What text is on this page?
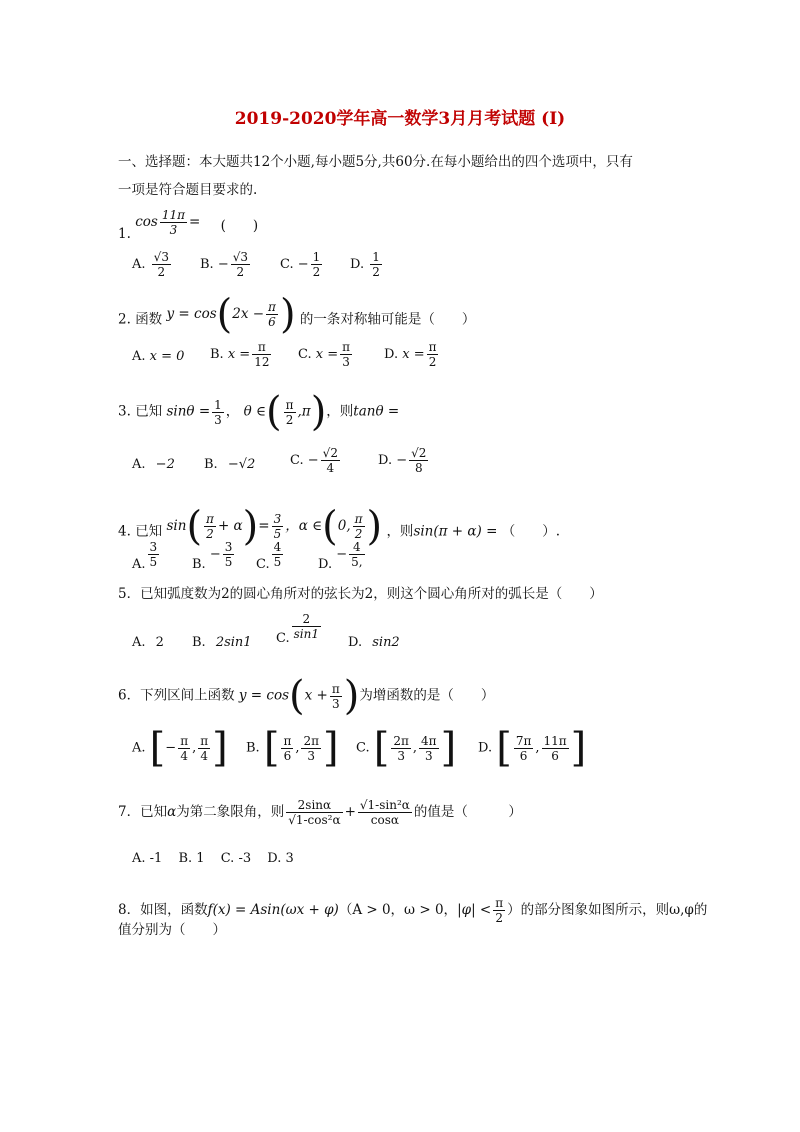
2019-2020学年高一数学3月月考试题 (I)
一、选择题：本大题共12个小题,每小题5分,共60分.在每小题给出的四个选项中，只有
一项是符合题目要求的.
1. $\cos \frac{11\pi}{3}$ = (　　)
A. $\frac{√3}{2} B$. − $\frac{√3}{2} C$. − $\frac{1}{2} D$. $\frac{1}{2}$
2. 函数 $y = \cos(2x - \frac{\pi}{6}$ ) 的一条对称轴可能是（　　）
A. x = 0 B. $x = \frac{\pi}{12} C$. $x = \frac{\pi}{3} D$. $x = \frac{\pi}{2}$
3. 已知 $\sin\theta = \frac{1}{3}$ ， θ ∈( $\frac{\pi}{2} ,\pi$)，则tanθ =
A. −2 B. −√2	C. − $\frac{√2}{4}$	D. − $\frac{√2}{8}$
4. 已知 $\sin( \frac{\pi}{2} + \alpha)= \frac{3}{5}$ ，α ∈(0, $\frac{\pi}{2}$ ) ，则sin(π + α) = （　　）.
A. $\frac{3}{5}$	B. − $\frac{3}{5} C$. $\frac{4}{5}$	D. − $\frac{4}{5,}$
5．已知弧度数为2的圆心角所对的弦长为2，则这个圆心角所对的弧长是（　　）
A. 2 B. 2sin1 C. $\frac{2}{\sin 1}$
D. sin2
6．下列区间上函数 $y = \cos(x + \frac{\pi}{3}$ )为增函数的是（　　）
A. [− $\frac{\pi}{4}$ , $\frac{\pi}{4}$ ] B. [ $\frac{\pi}{6}$ , $\frac{2\pi}{3}$ ] C. [ $\frac{2\pi}{3}$ , $\frac{4\pi}{3}$ ] D. [ $\frac{7\pi}{6}$ , $\frac{11\pi}{6}$ ]
7．已知α为第二象限角，则 $\frac{2\sin\alpha}{\text{√1-cos²α}} + \frac{\text{√1-sin²α}}{\cos\alpha}$ 的值是（　　　）
A. -1 B. 1 C. -3 D. 3
8．如图，函数f(x) = Asin(ωx + φ)（A > 0，ω > 0，$|\varphi| < \frac{\pi}{2}$ ）的部分图象如图所示，则ω,φ的
值分别为（　　）
